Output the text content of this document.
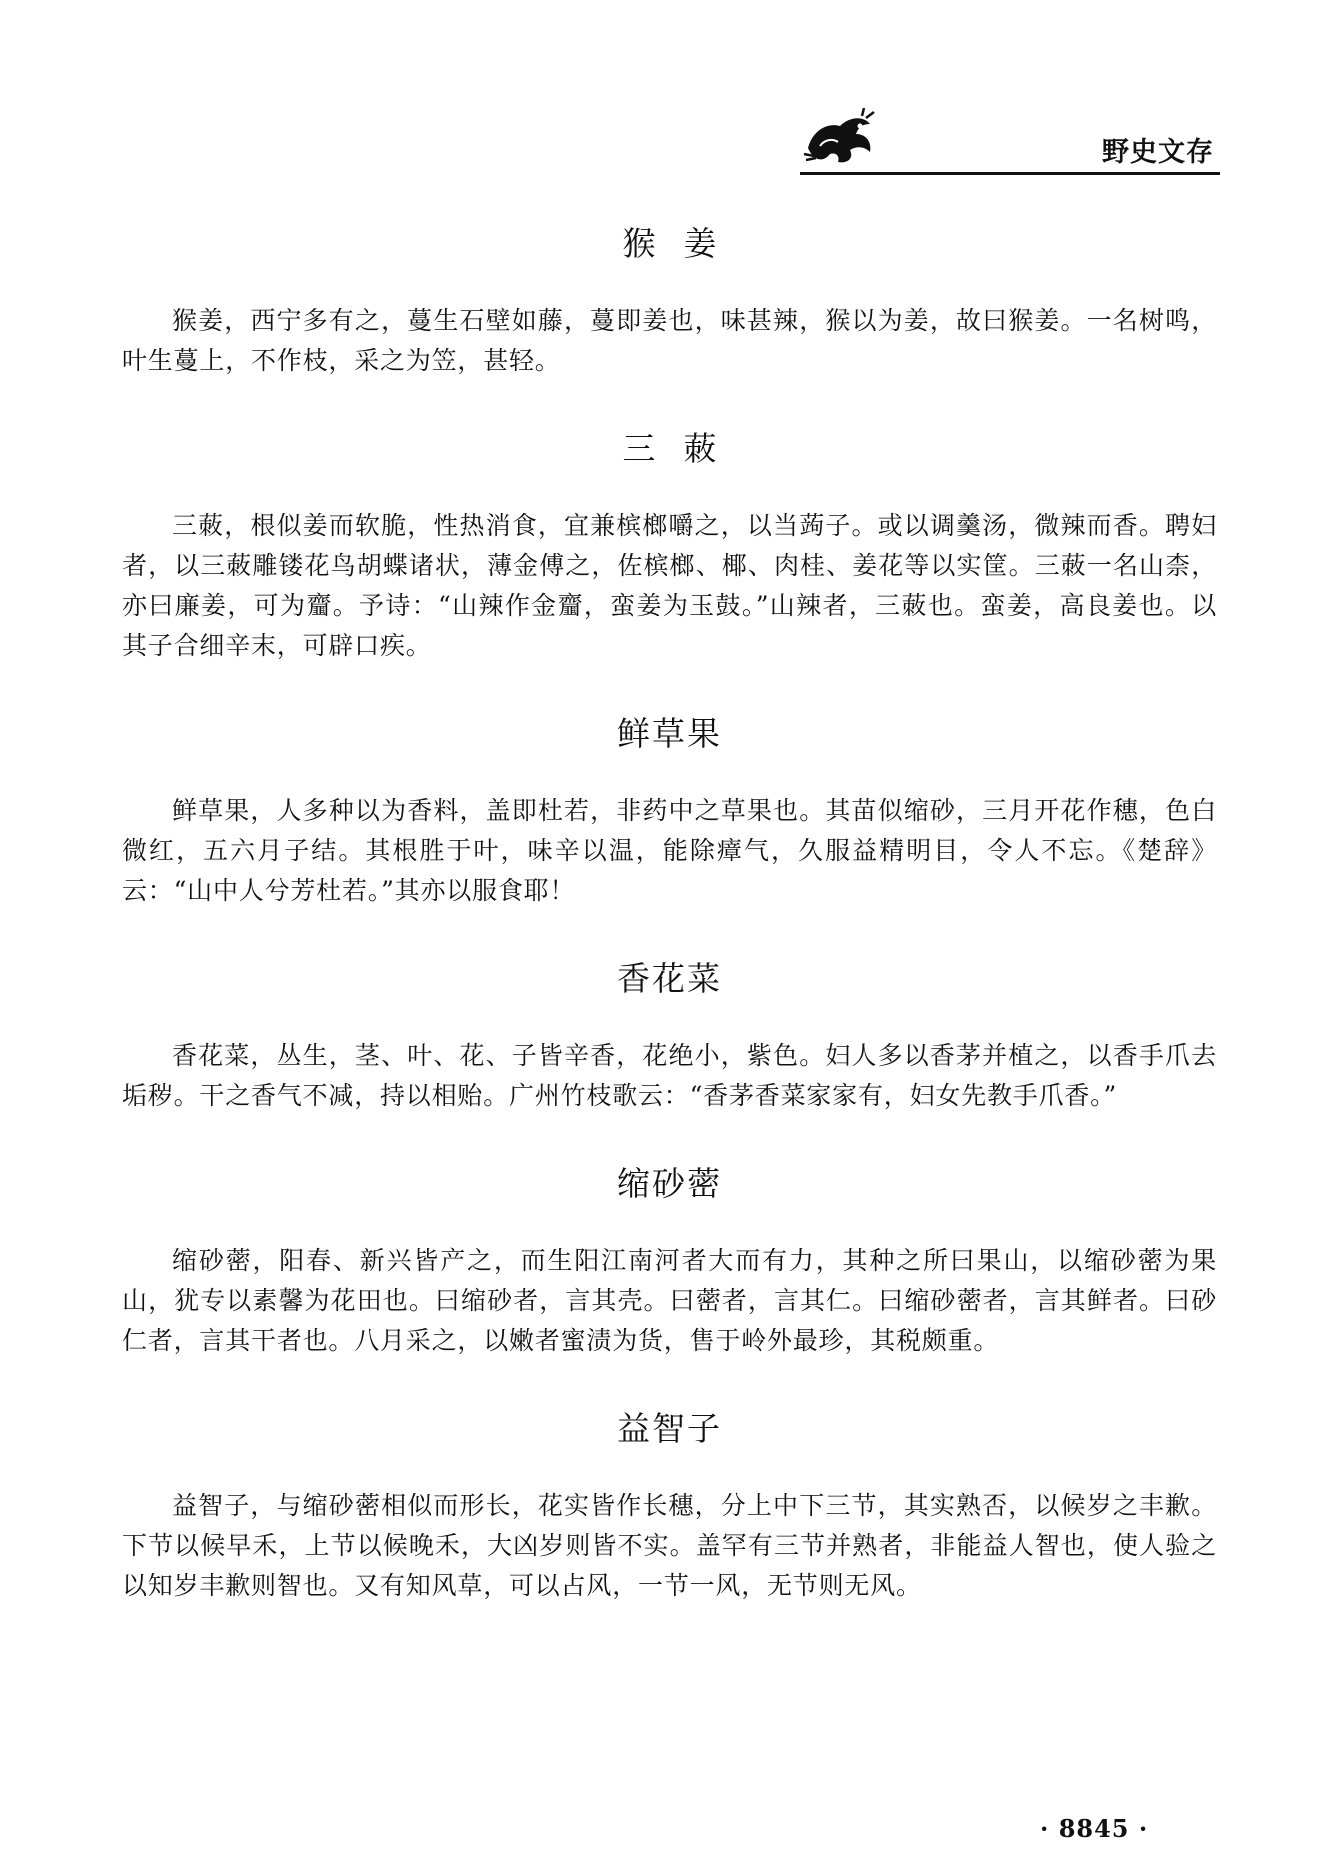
野史文存
猴姜

猴姜，西宁多有之，蔓生石壁如藤，蔓即姜也，味甚辣，猴以为姜，故曰猴姜。一名树鸣，叶生蔓上，不作枝，采之为笠，甚轻。

三蓛

三蓛，根似姜而软脆，性热消食，宜兼槟榔嚼之，以当蒟子。或以调羹汤，微辣而香。聘妇者，以三蓛雕镂花鸟胡蝶诸状，薄金傅之，佐槟榔、椰、肉桂、姜花等以实筐。三蓛一名山柰，亦曰廉姜，可为齏。予诗：“山辣作金齏，蛮姜为玉鼓。”山辣者，三蓛也。蛮姜，高良姜也。以其子合细辛末，可辟口疾。

鲜草果

鲜草果，人多种以为香料，盖即杜若，非药中之草果也。其苗似缩砂，三月开花作穗，色白微红，五六月子结。其根胜于叶，味辛以温，能除瘴气，久服益精明目，令人不忘。《楚辞》云：“山中人兮芳杜若。”其亦以服食耶！

香花菜

香花菜，丛生，茎、叶、花、子皆辛香，花绝小，紫色。妇人多以香茅并植之，以香手爪去垢秽。干之香气不减，持以相贻。广州竹枝歌云：“香茅香菜家家有，妇女先教手爪香。”

缩砂蔤

缩砂蔤，阳春、新兴皆产之，而生阳江南河者大而有力，其种之所曰果山，以缩砂蔤为果山，犹专以素馨为花田也。曰缩砂者，言其壳。曰蔤者，言其仁。曰缩砂蔤者，言其鲜者。曰砂仁者，言其干者也。八月采之，以嫩者蜜渍为货，售于岭外最珍，其税颇重。

益智子

益智子，与缩砂蔤相似而形长，花实皆作长穗，分上中下三节，其实熟否，以候岁之丰歉。下节以候早禾，上节以候晚禾，大凶岁则皆不实。盖罕有三节并熟者，非能益人智也，使人验之以知岁丰歉则智也。又有知风草，可以占风，一节一风，无节则无风。

· 8845 ·
